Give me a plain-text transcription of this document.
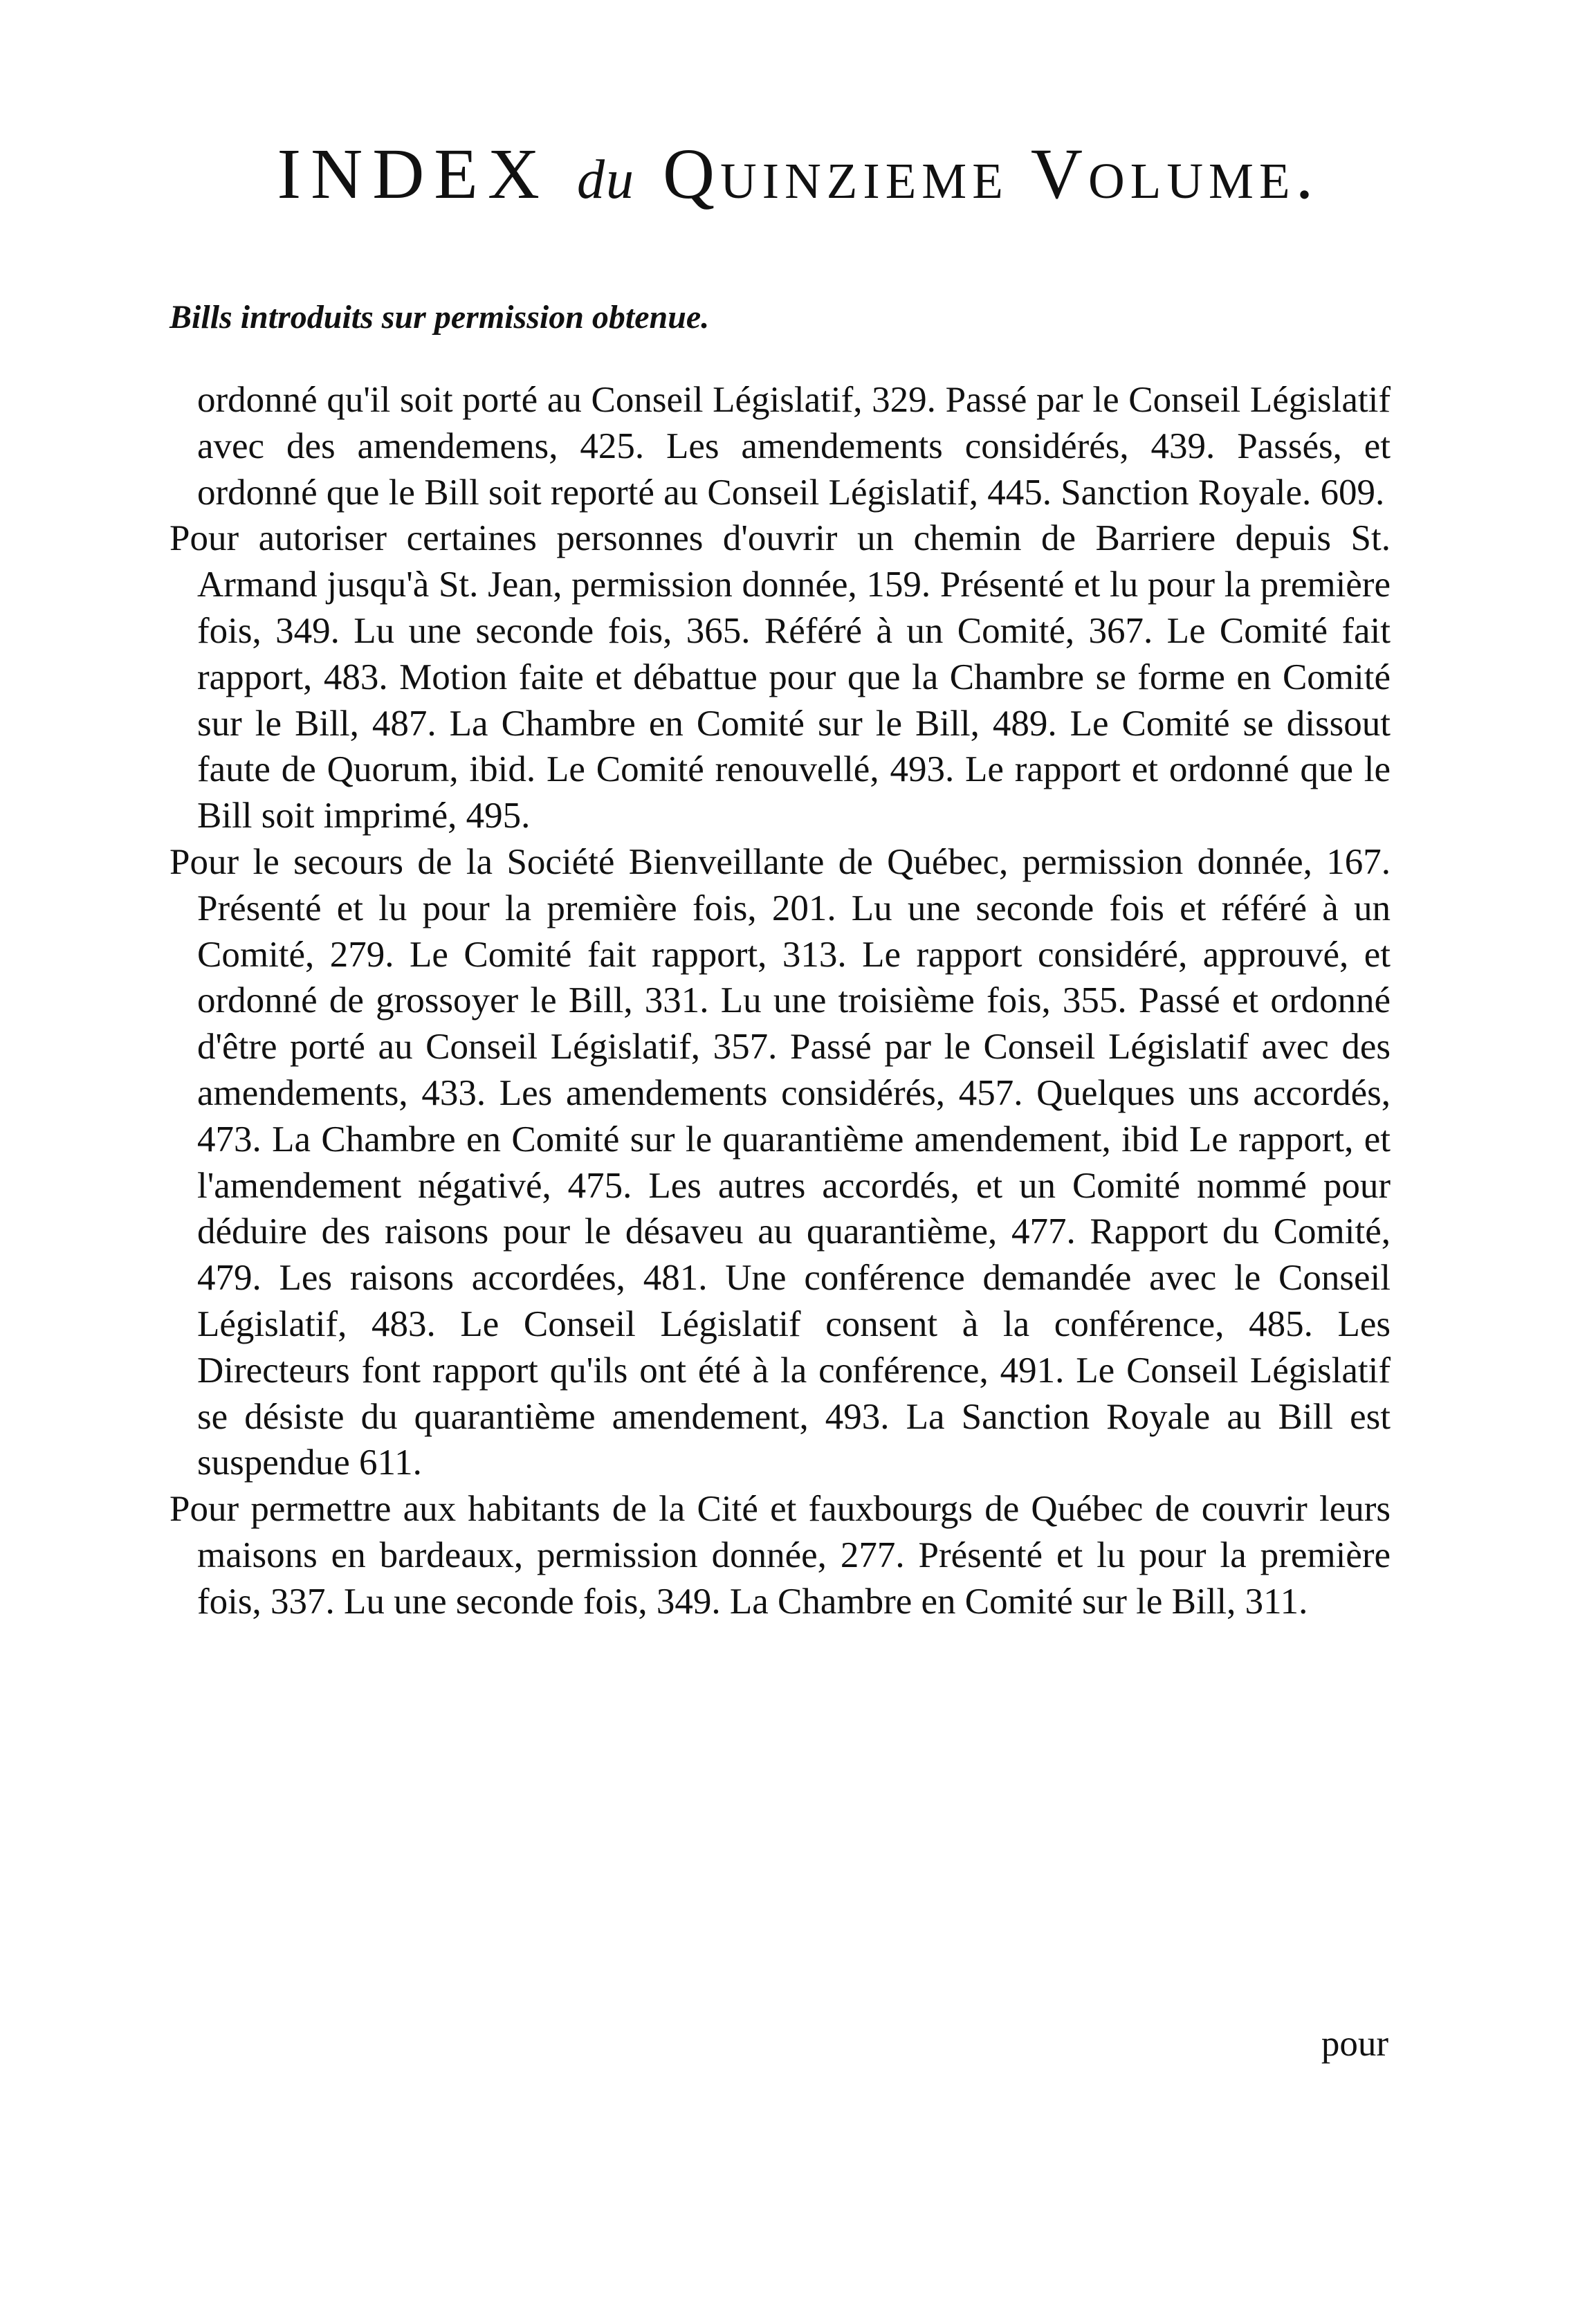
INDEX du Quinzieme Volume.
Bills introduits sur permission obtenue.

ordonné qu'il soit porté au Conseil Législatif, 329. Passé par le Conseil Législatif avec des amendemens, 425. Les amendements considérés, 439. Passés, et ordonné que le Bill soit reporté au Conseil Législatif, 445. Sanction Royale. 609.

Pour autoriser certaines personnes d'ouvrir un chemin de Barriere depuis St. Armand jusqu'à St. Jean, permission donnée, 159. Présenté et lu pour la première fois, 349. Lu une seconde fois, 365. Référé à un Comité, 367. Le Comité fait rapport, 483. Motion faite et débattue pour que la Chambre se forme en Comité sur le Bill, 487. La Chambre en Comité sur le Bill, 489. Le Comité se dissout faute de Quorum, ibid. Le Comité renouvellé, 493. Le rapport et ordonné que le Bill soit imprimé, 495.

Pour le secours de la Société Bienveillante de Québec, permission donnée, 167. Présenté et lu pour la première fois, 201. Lu une seconde fois et référé à un Comité, 279. Le Comité fait rapport, 313. Le rapport considéré, approuvé, et ordonné de grossoyer le Bill, 331. Lu une troisième fois, 355. Passé et ordonné d'être porté au Conseil Législatif, 357. Passé par le Conseil Législatif avec des amendements, 433. Les amendements considérés, 457. Quelques uns accordés, 473. La Chambre en Comité sur le quarantième amendement, ibid Le rapport, et l'amendement négativé, 475. Les autres accordés, et un Comité nommé pour déduire des raisons pour le désaveu au quarantième, 477. Rapport du Comité, 479. Les raisons accordées, 481. Une conférence demandée avec le Conseil Législatif, 483. Le Conseil Législatif consent à la conférence, 485. Les Directeurs font rapport qu'ils ont été à la conférence, 491. Le Conseil Législatif se désiste du quarantième amendement, 493. La Sanction Royale au Bill est suspendue 611.

Pour permettre aux habitants de la Cité et fauxbourgs de Québec de couvrir leurs maisons en bardeaux, permission donnée, 277. Présenté et lu pour la première fois, 337. Lu une seconde fois, 349. La Chambre en Comité sur le Bill, 311.

pour
